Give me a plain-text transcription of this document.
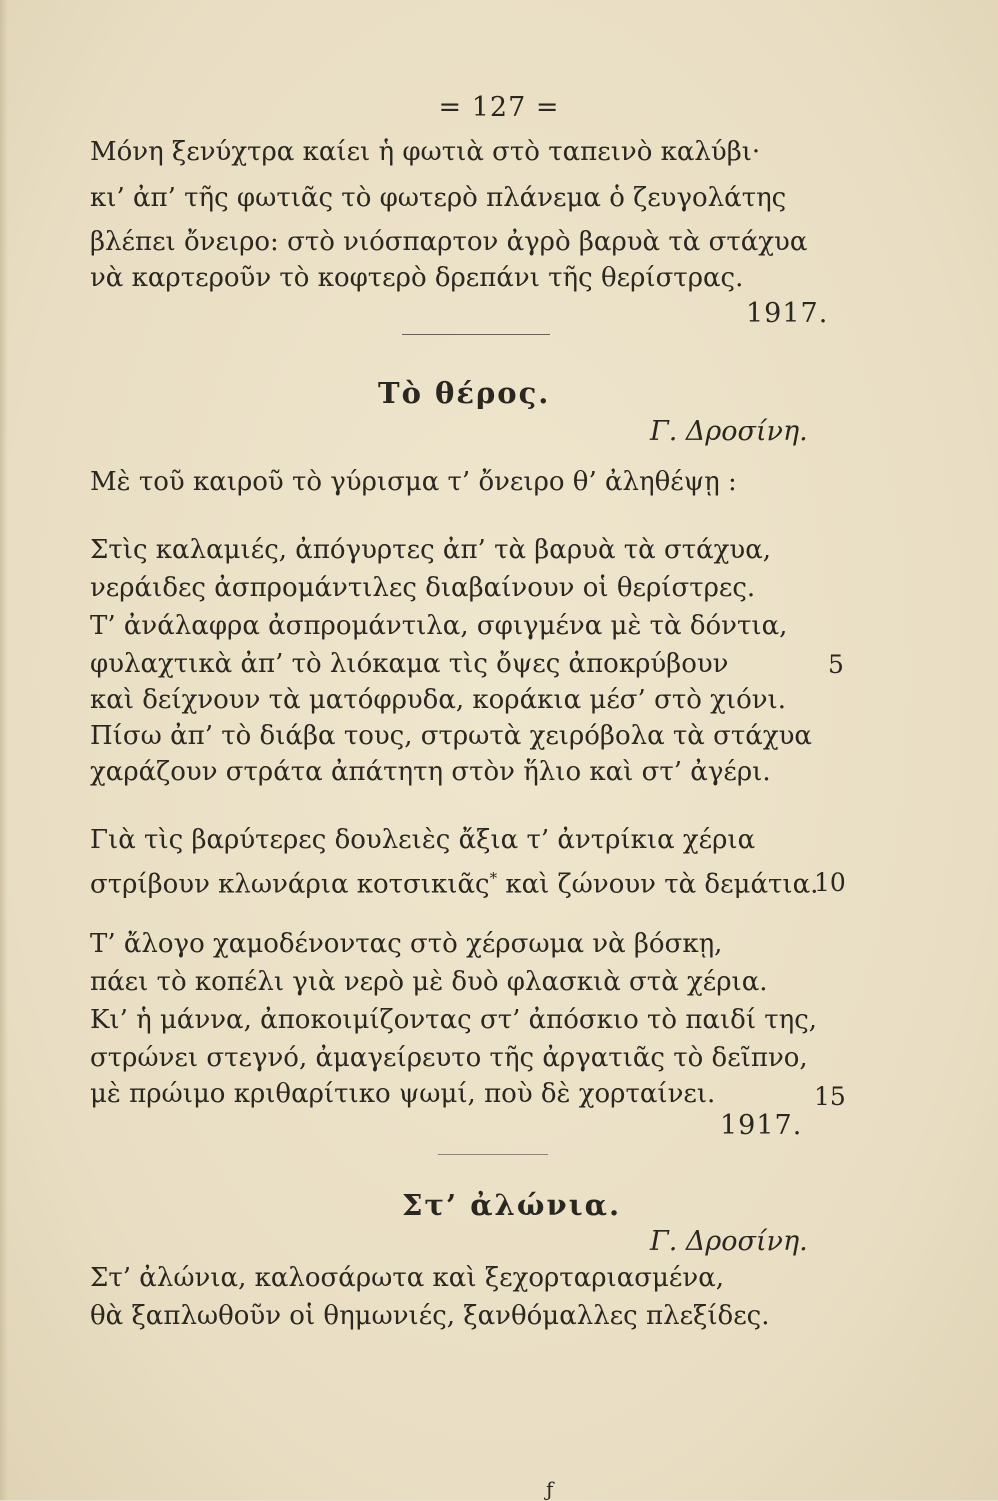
= 127 =
Μόνη ξενύχτρα καίει ἡ φωτιὰ στὸ ταπεινὸ καλύβι·
κι’ ἀπ’ τῆς φωτιᾶς τὸ φωτερὸ πλάνεμα ὁ ζευγολάτης
βλέπει ὄνειρο: στὸ νιόσπαρτον ἀγρὸ βαρυὰ τὰ στάχυα
νὰ καρτεροῦν τὸ κοφτερὸ δρεπάνι τῆς θερίστρας.
1917.
Τὸ θέρος.
Γ. Δροσίνη.
Μὲ τοῦ καιροῦ τὸ γύρισμα τ’ ὄνειρο θ’ ἀληθέψῃ :
Στὶς καλαμιές, ἀπόγυρτες ἀπ’ τὰ βαρυὰ τὰ στάχυα,
νεράιδες ἀσπρομάντιλες διαβαίνουν οἱ θερίστρες.
Τ’ ἀνάλαφρα ἀσπρομάντιλα, σφιγμένα μὲ τὰ δόντια,
φυλαχτικὰ ἀπ’ τὸ λιόκαμα τὶς ὄψες ἀποκρύβουν	5
καὶ δείχνουν τὰ ματόφρυδα, κοράκια μέσ’ στὸ χιόνι.
Πίσω ἀπ’ τὸ διάβα τους, στρωτὰ χειρόβολα τὰ στάχυα
χαράζουν στράτα ἀπάτητη στὸν ἥλιο καὶ στ’ ἀγέρι.
Γιὰ τὶς βαρύτερες δουλειὲς ἄξια τ’ ἀντρίκια χέρια
στρίβουν κλωνάρια κοτσικιᾶς* καὶ ζώνουν τὰ δεμάτια.
10
Τ’ ἄλογο χαμοδένοντας στὸ χέρσωμα νὰ βόσκῃ,
πάει τὸ κοπέλι γιὰ νερὸ μὲ δυὸ φλασκιὰ στὰ χέρια.
Κι’ ἡ μάννα, ἀποκοιμίζοντας στ’ ἀπόσκιο τὸ παιδί της,
στρώνει στεγνό, ἀμαγείρευτο τῆς ἀργατιᾶς τὸ δεῖπνο,
μὲ πρώιμο κριθαρίτικο ψωμί, ποὺ δὲ χορταίνει.	15
1917.
Στ’ ἀλώνια.
Γ. Δροσίνη.
Στ’ ἀλώνια, καλοσάρωτα καὶ ξεχορταριασμένα,
θὰ ξαπλωθοῦν οἱ θημωνιές, ξανθόμαλλες πλεξίδες.
ƒ
